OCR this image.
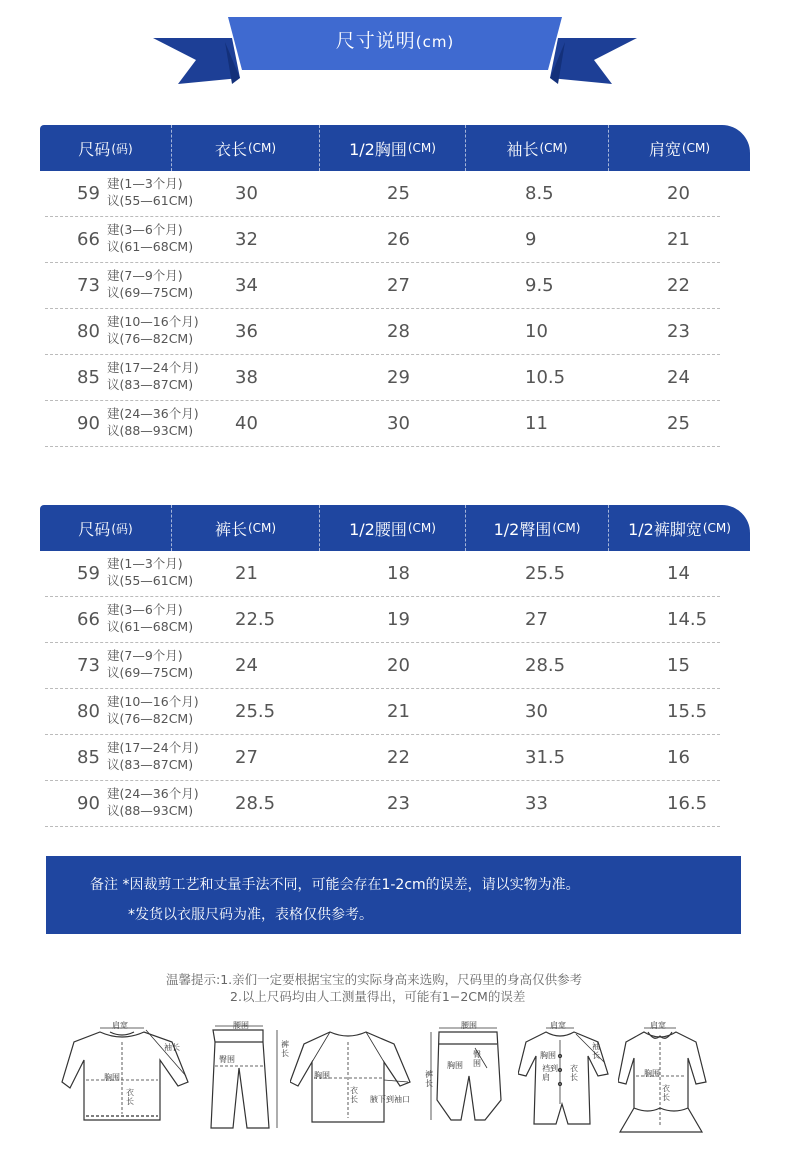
尺寸说明(cm)
尺码 (码)	衣长 (CM)	1/2胸围 (CM)	袖长 (CM)	肩宽 (CM)
59 建(1—3个月)
议(55—61CM) 30	25	8.5	20
66 建(3—6个月)
议(61—68CM) 32	26	9	21
73 建(7—9个月)
议(69—75CM) 34	27	9.5	22
80 建(10—16个月)
议(76—82CM)	36	28	10	23
85 建(17—24个月)
议(83—87CM)	38	29	10.5	24
90 建(24—36个月)
议(88—93CM)	40	30	11	25
尺码 (码)	裤长 (CM)	1/2腰围 (CM)	1/2臀围 (CM)	1/2裤脚宽 (CM)
59 建(1—3个月)
议(55—61CM) 21	18	25.5	14
66 建(3—6个月)
议(61—68CM) 22.5	19	27	14.5
73 建(7—9个月)
议(69—75CM) 24	20	28.5	15
80 建(10—16个月)
议(76—82CM)	25.5	21	30	15.5
85 建(17—24个月)
议(83—87CM)	27	22	31.5	16
90 建(24—36个月)
议(88—93CM)	28.5	23	33	16.5
备注 *因裁剪工艺和丈量手法不同，可能会存在1-2cm的误差，请以实物为准。
*发货以衣服尺码为准，表格仅供参考。
温馨提示:1.亲们一定要根据宝宝的实际身高来选购，尺码里的身高仅供参考
2.以上尺码均由人工测量得出，可能有1−2CM的误差
肩宽
袖长
胸围
衣长
腰围
臀围
裤长
胸围
衣长 腋下到袖口
腰围
臀围
裤长
胸围
肩宽
袖长
胸围
裆到肩
衣长
肩宽
胸围
衣长
